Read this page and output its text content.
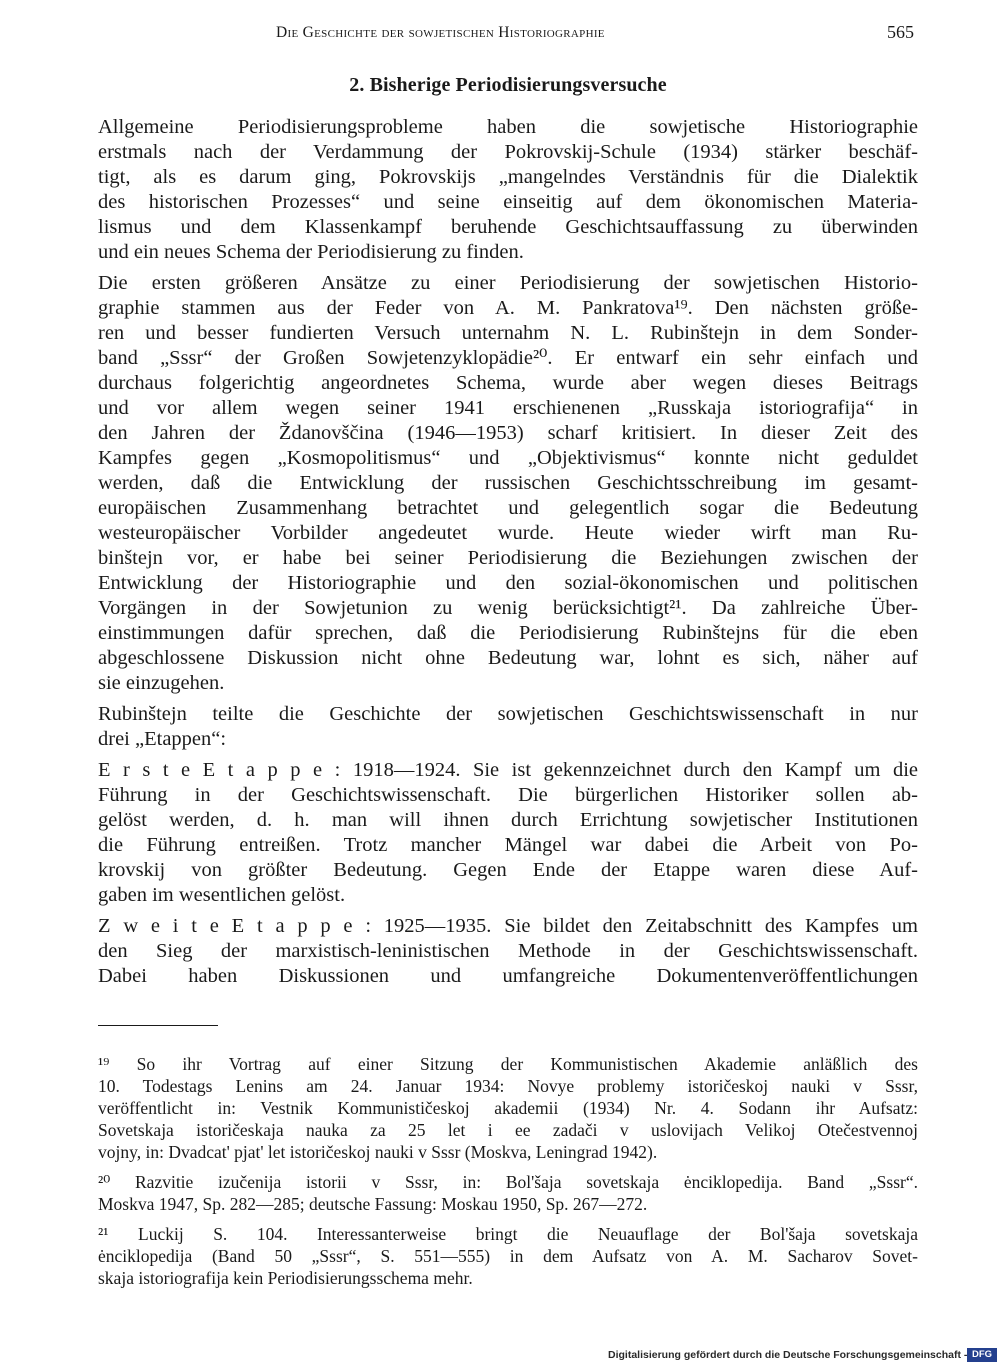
Die Geschichte der sowjetischen Historiographie	565
2. Bisherige Periodisierungsversuche
Allgemeine Periodisierungsprobleme haben die sowjetische Historiographie
erstmals nach der Verdammung der Pokrovskij-Schule (1934) stärker beschäf-
tigt, als es darum ging, Pokrovskijs „mangelndes Verständnis für die Dialektik
des historischen Prozesses“ und seine einseitig auf dem ökonomischen Materia-
lismus und dem Klassenkampf beruhende Geschichtsauffassung zu überwinden
und ein neues Schema der Periodisierung zu finden.
Die ersten größeren Ansätze zu einer Periodisierung der sowjetischen Historio-
graphie stammen aus der Feder von A. M. Pankratova¹⁹. Den nächsten größe-
ren und besser fundierten Versuch unternahm N. L. Rubinštejn in dem Sonder-
band „Sssr“ der Großen Sowjetenzyklopädie²⁰. Er entwarf ein sehr einfach und
durchaus folgerichtig angeordnetes Schema, wurde aber wegen dieses Beitrags
und vor allem wegen seiner 1941 erschienenen „Russkaja istoriografija“ in
den Jahren der Ždanovščina (1946—1953) scharf kritisiert. In dieser Zeit des
Kampfes gegen „Kosmopolitismus“ und „Objektivismus“ konnte nicht geduldet
werden, daß die Entwicklung der russischen Geschichtsschreibung im gesamt-
europäischen Zusammenhang betrachtet und gelegentlich sogar die Bedeutung
westeuropäischer Vorbilder angedeutet wurde. Heute wieder wirft man Ru-
binštejn vor, er habe bei seiner Periodisierung die Beziehungen zwischen der
Entwicklung der Historiographie und den sozial-ökonomischen und politischen
Vorgängen in der Sowjetunion zu wenig berücksichtigt²¹. Da zahlreiche Über-
einstimmungen dafür sprechen, daß die Periodisierung Rubinštejns für die eben
abgeschlossene Diskussion nicht ohne Bedeutung war, lohnt es sich, näher auf
sie einzugehen.
Rubinštejn teilte die Geschichte der sowjetischen Geschichtswissenschaft in nur
drei „Etappen“:
E r s t e E t a p p e : 1918—1924. Sie ist gekennzeichnet durch den Kampf um die
Führung in der Geschichtswissenschaft. Die bürgerlichen Historiker sollen ab-
gelöst werden, d. h. man will ihnen durch Errichtung sowjetischer Institutionen
die Führung entreißen. Trotz mancher Mängel war dabei die Arbeit von Po-
krovskij von größter Bedeutung. Gegen Ende der Etappe waren diese Auf-
gaben im wesentlichen gelöst.
Z w e i t e E t a p p e : 1925—1935. Sie bildet den Zeitabschnitt des Kampfes um
den Sieg der marxistisch-leninistischen Methode in der Geschichtswissenschaft.
Dabei haben Diskussionen und umfangreiche Dokumentenveröffentlichungen
¹⁹ So ihr Vortrag auf einer Sitzung der Kommunistischen Akademie anläßlich des
10. Todestags Lenins am 24. Januar 1934: Novye problemy istoričeskoj nauki v Sssr,
veröffentlicht in: Vestnik Kommunističeskoj akademii (1934) Nr. 4. Sodann ihr Aufsatz:
Sovetskaja istoričeskaja nauka za 25 let i ee zadači v uslovijach Velikoj Otečestvennoj
vojny, in: Dvadcat' pjat' let istoričeskoj nauki v Sssr (Moskva, Leningrad 1942).
²⁰ Razvitie izučenija istorii v Sssr, in: Bol'šaja sovetskaja ėnciklopedija. Band „Sssr“.
Moskva 1947, Sp. 282—285; deutsche Fassung: Moskau 1950, Sp. 267—272.
²¹ Luckij S. 104. Interessanterweise bringt die Neuauflage der Bol'šaja sovetskaja
ėnciklopedija (Band 50 „Sssr“, S. 551—555) in dem Aufsatz von A. M. Sacharov Sovet-
skaja istoriografija kein Periodisierungsschema mehr.
Digitalisierung gefördert durch die Deutsche Forschungsgemeinschaft - DFG
